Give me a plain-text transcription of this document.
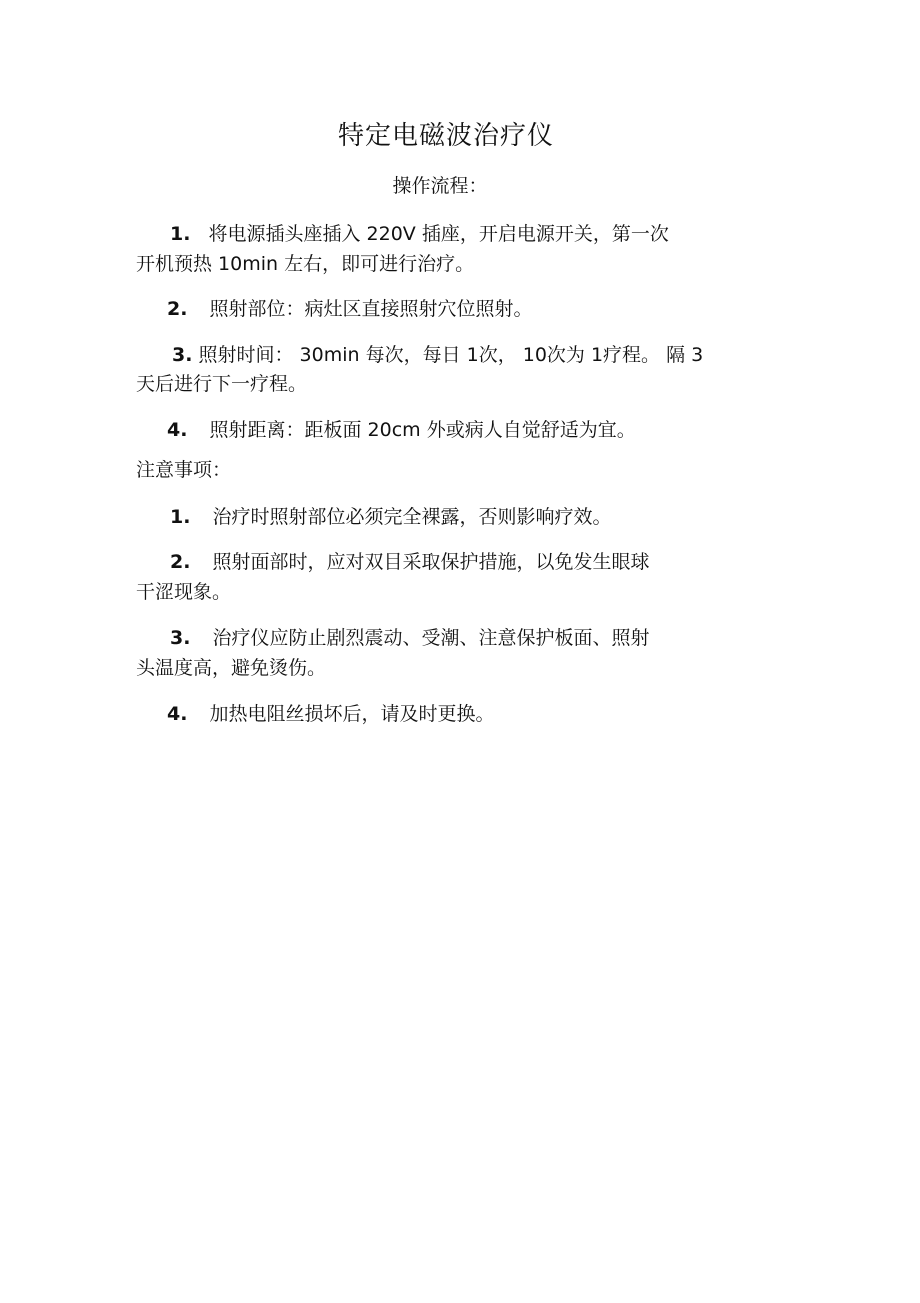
特定电磁波治疗仪
操作流程：
1. 将电源插头座插入 220V 插座，开启电源开关，第一次
开机预热 10min 左右，即可进行治疗。
2. 照射部位：病灶区直接照射穴位照射。
3. 照射时间： 30min 每次，每日 1次， 10次为 1疗程。 隔 3
天后进行下一疗程。
4. 照射距离：距板面 20cm 外或病人自觉舒适为宜。
注意事项：
1. 治疗时照射部位必须完全裸露，否则影响疗效。
2. 照射面部时，应对双目采取保护措施，以免发生眼球
干涩现象。
3. 治疗仪应防止剧烈震动、受潮、注意保护板面、照射
头温度高，避免烫伤。
4. 加热电阻丝损坏后，请及时更换。
